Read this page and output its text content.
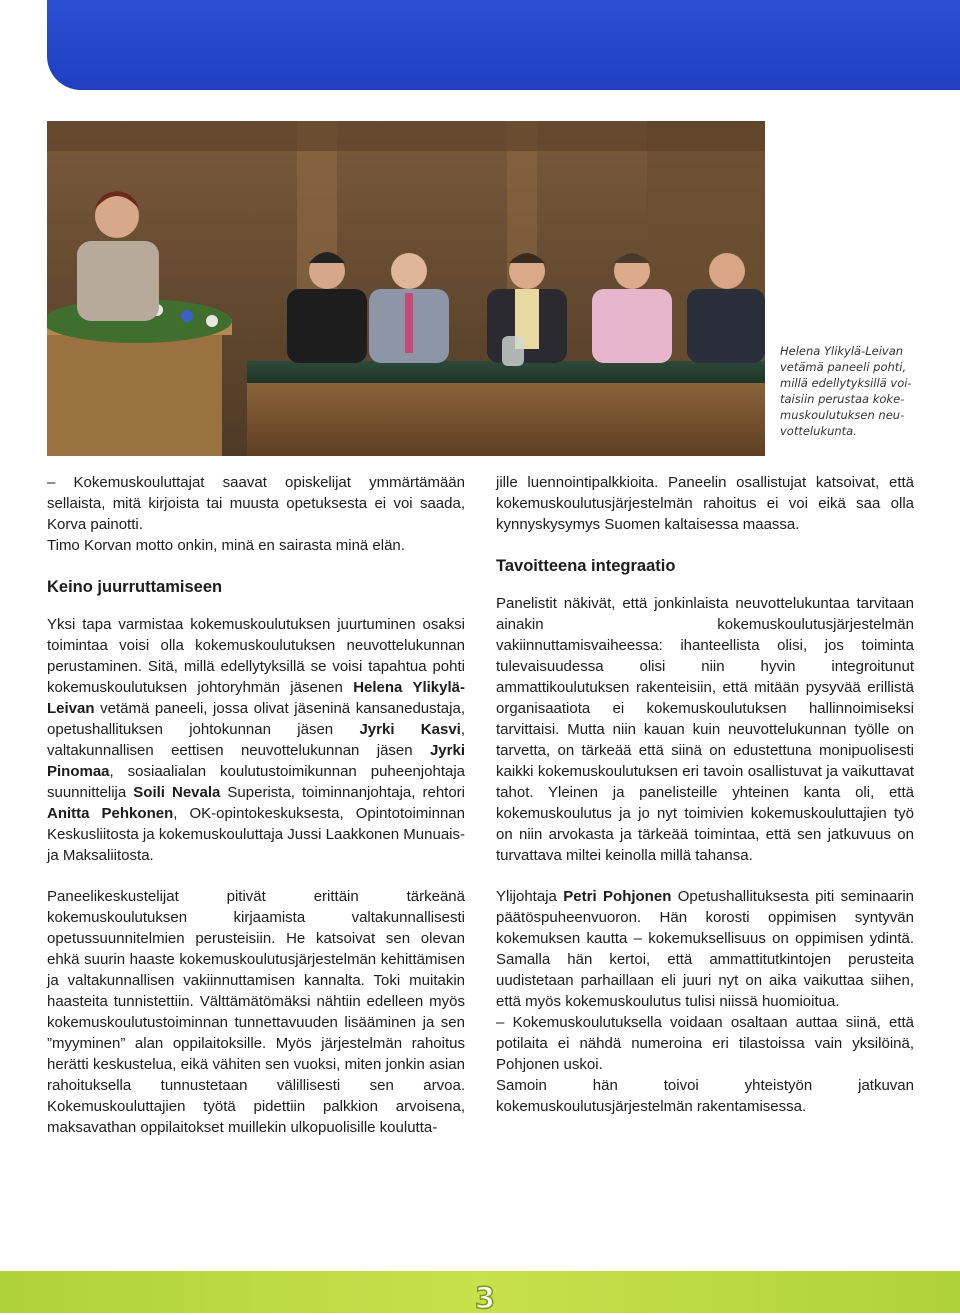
Helena Ylikylä-Leivan

vetämä paneeli pohti,

millä edellytyksillä voi-

taisiin perustaa koke-

muskoulutuksen neu-

vottelukunta.

– Kokemuskouluttajat saavat opiskelijat ymmärtämään sellaista, mitä kirjoista tai muusta opetuksesta ei voi saada, Korva painotti.

Timo Korvan motto onkin, minä en sairasta minä elän.

Keino juurruttamiseen

Yksi tapa varmistaa kokemuskoulutuksen juurtuminen osaksi toimintaa voisi olla kokemuskoulutuksen neuvottelukunnan perustaminen. Sitä, millä edellytyksillä se voisi tapahtua pohti kokemuskoulutuksen johtoryhmän jäsenen Helena Ylikylä-Leivan vetämä paneeli, jossa olivat jäseninä kansanedustaja, opetushallituksen johtokunnan jäsen Jyrki Kasvi, valtakunnallisen eettisen neuvottelukunnan jäsen Jyrki Pinomaa, sosiaalialan koulutustoimikunnan puheenjohtaja suunnittelija Soili Nevala Superista, toiminnanjohtaja, rehtori Anitta Pehkonen, OK-opintokeskuksesta, Opintotoiminnan Keskusliitosta ja kokemuskouluttaja Jussi Laakkonen Munuais- ja Maksaliitosta.

Paneelikeskustelijat pitivät erittäin tärkeänä kokemuskoulutuksen kirjaamista valtakunnallisesti opetussuunnitelmien perusteisiin. He katsoivat sen olevan ehkä suurin haaste kokemuskoulutusjärjestelmän kehittämisen ja valtakunnallisen vakiinnuttamisen kannalta. Toki muitakin haasteita tunnistettiin. Välttämätömäksi nähtiin edelleen myös kokemuskoulutustoiminnan tunnettavuuden lisääminen ja sen ”myyminen” alan oppilaitoksille. Myös järjestelmän rahoitus herätti keskustelua, eikä vähiten sen vuoksi, miten jonkin asian rahoituksella tunnustetaan välillisesti sen arvoa. Kokemuskouluttajien työtä pidettiin palkkion arvoisena, maksavathan oppilaitokset muillekin ulkopuolisille koulutta-

jille luennointipalkkioita. Paneelin osallistujat katsoivat, että kokemuskoulutusjärjestelmän rahoitus ei voi eikä saa olla kynnyskysymys Suomen kaltaisessa maassa.

Tavoitteena integraatio

Panelistit näkivät, että jonkinlaista neuvottelukuntaa tarvitaan ainakin kokemuskoulutusjärjestelmän vakiinnuttamisvaiheessa: ihanteellista olisi, jos toiminta tulevaisuudessa olisi niin hyvin integroitunut ammattikoulutuksen rakenteisiin, että mitään pysyvää erillistä organisaatiota ei kokemuskoulutuksen hallinnoimiseksi tarvittaisi. Mutta niin kauan kuin neuvottelukunnan työlle on tarvetta, on tärkeää että siinä on edustettuna monipuolisesti kaikki kokemuskoulutuksen eri tavoin osallistuvat ja vaikuttavat tahot. Yleinen ja panelisteille yhteinen kanta oli, että kokemuskoulutus ja jo nyt toimivien kokemuskouluttajien työ on niin arvokasta ja tärkeää toimintaa, että sen jatkuvuus on turvattava miltei keinolla millä tahansa.

Ylijohtaja Petri Pohjonen Opetushallituksesta piti seminaarin päätöspuheenvuoron. Hän korosti oppimisen syntyvän kokemuksen kautta – kokemuksellisuus on oppimisen ydintä. Samalla hän kertoi, että ammattitutkintojen perusteita uudistetaan parhaillaan eli juuri nyt on aika vaikuttaa siihen, että myös kokemuskoulutus tulisi niissä huomioitua.

– Kokemuskoulutuksella voidaan osaltaan auttaa siinä, että potilaita ei nähdä numeroina eri tilastoissa vain yksilöinä, Pohjonen uskoi.

Samoin hän toivoi yhteistyön jatkuvan kokemuskoulutusjärjestelmän rakentamisessa.

3
